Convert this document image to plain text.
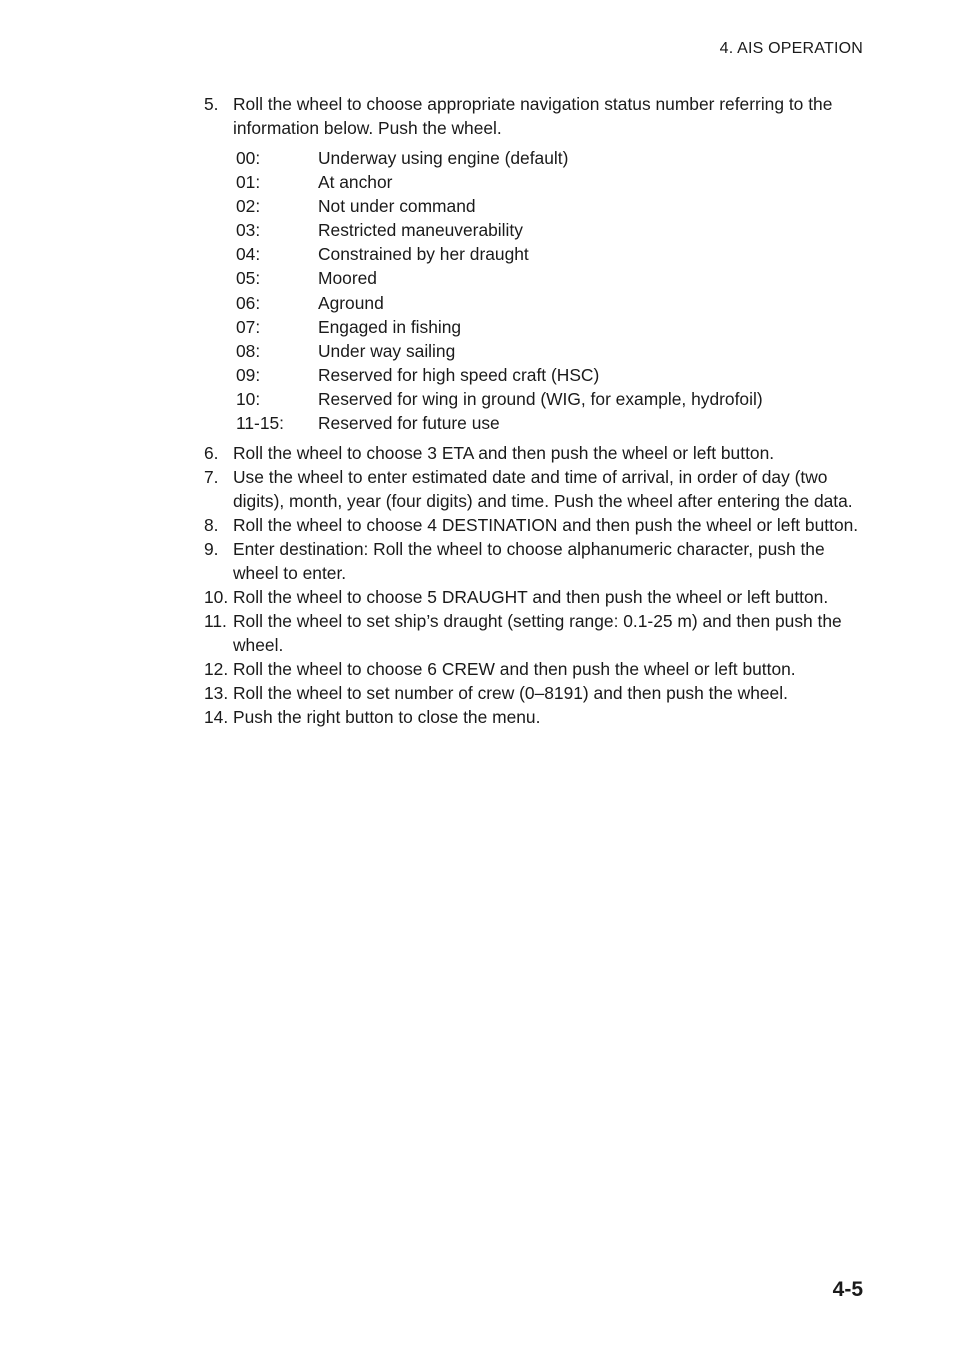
4. AIS OPERATION
5. Roll the wheel to choose appropriate navigation status number referring to the information below. Push the wheel.
00:	Underway using engine (default)
01:	At anchor
02:	Not under command
03:	Restricted maneuverability
04:	Constrained by her draught
05:	Moored
06:	Aground
07:	Engaged in fishing
08:	Under way sailing
09:	Reserved for high speed craft (HSC)
10:	Reserved for wing in ground (WIG, for example, hydrofoil)
11-15:	Reserved for future use
6. Roll the wheel to choose 3 ETA and then push the wheel or left button.
7. Use the wheel to enter estimated date and time of arrival, in order of day (two digits), month, year (four digits) and time. Push the wheel after entering the data.
8. Roll the wheel to choose 4 DESTINATION and then push the wheel or left button.
9. Enter destination: Roll the wheel to choose alphanumeric character, push the wheel to enter.
10. Roll the wheel to choose 5 DRAUGHT and then push the wheel or left button.
11. Roll the wheel to set ship’s draught (setting range: 0.1-25 m) and then push the wheel.
12. Roll the wheel to choose 6 CREW and then push the wheel or left button.
13. Roll the wheel to set number of crew (0–8191) and then push the wheel.
14. Push the right button to close the menu.
4-5
